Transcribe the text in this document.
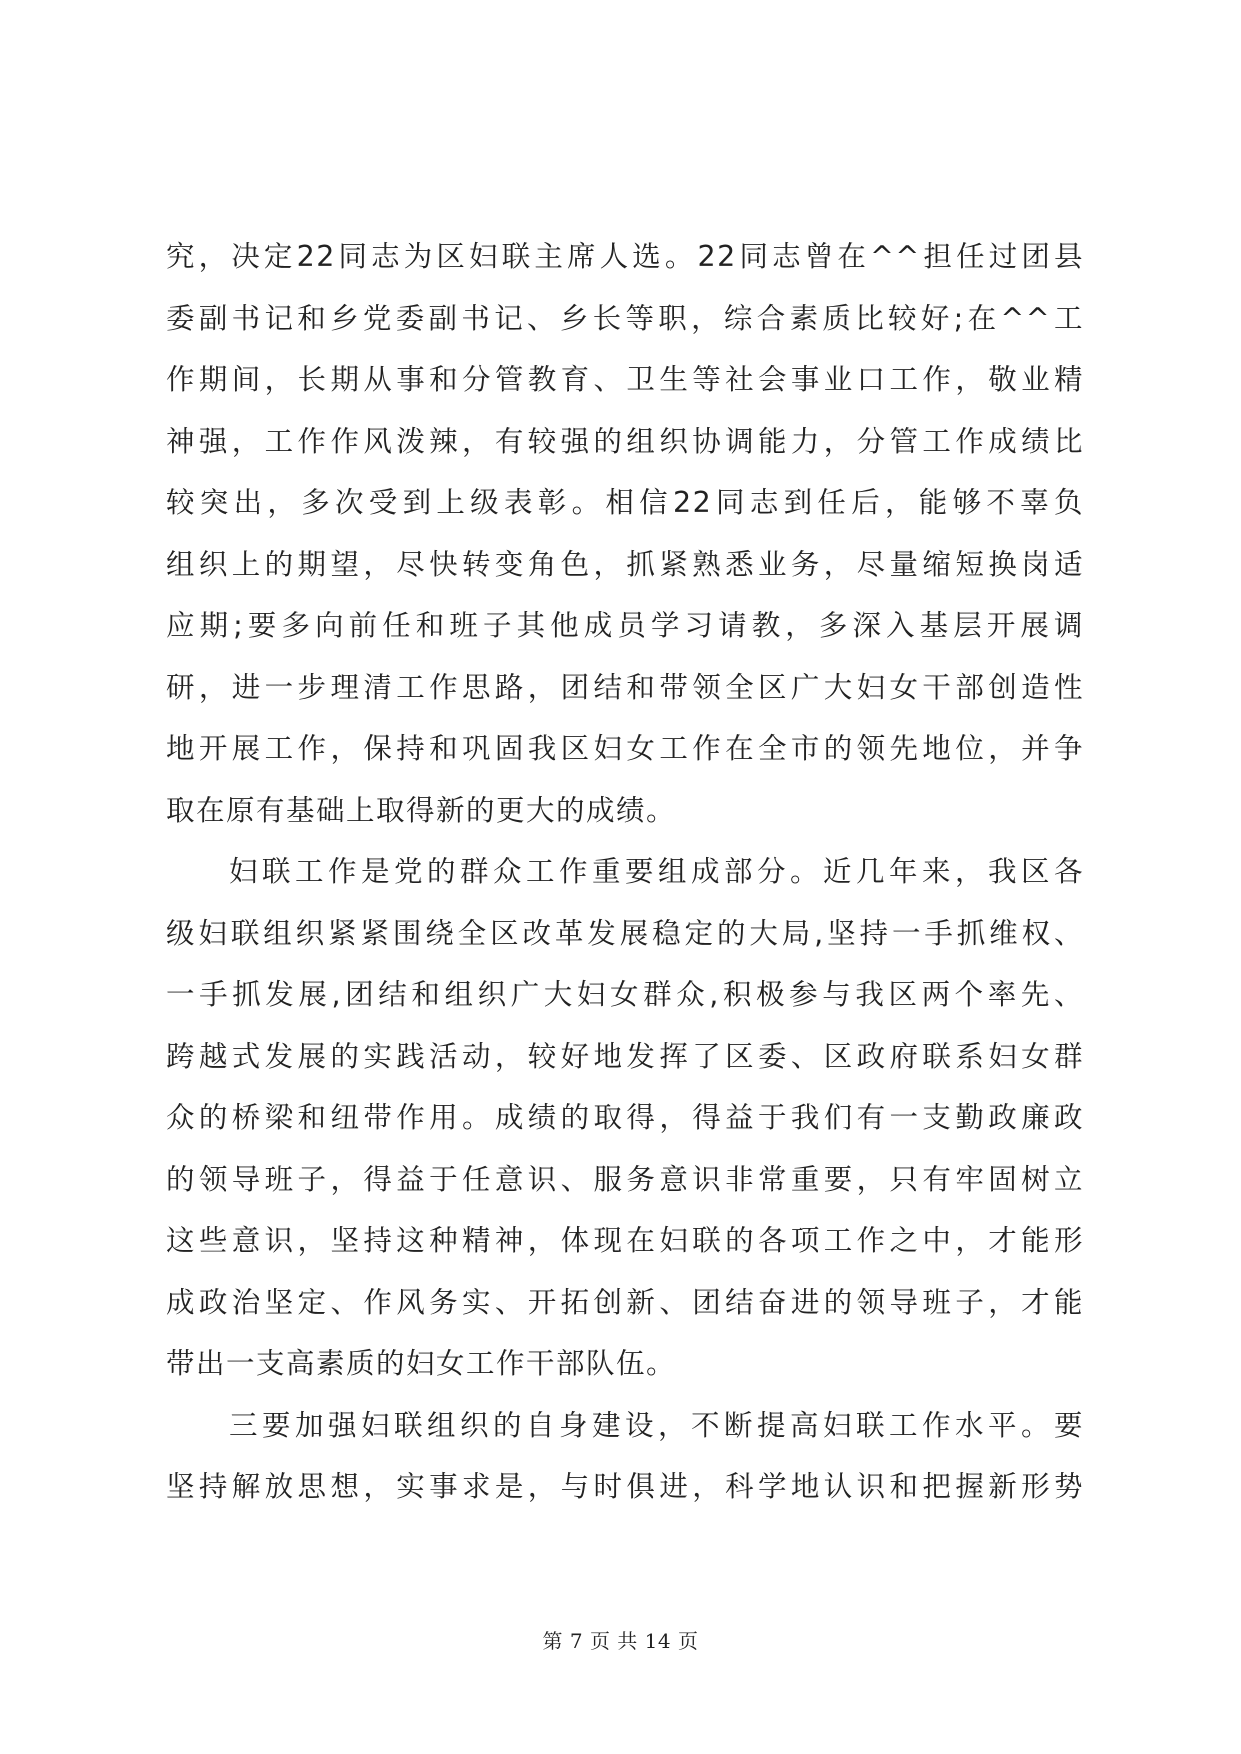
究，决定22同志为区妇联主席人选。22同志曾在^^担任过团县
委副书记和乡党委副书记、乡长等职，综合素质比较好;在^^工
作期间，长期从事和分管教育、卫生等社会事业口工作，敬业精
神强，工作作风泼辣，有较强的组织协调能力，分管工作成绩比
较突出，多次受到上级表彰。相信22同志到任后，能够不辜负
组织上的期望，尽快转变角色，抓紧熟悉业务，尽量缩短换岗适
应期;要多向前任和班子其他成员学习请教，多深入基层开展调
研，进一步理清工作思路，团结和带领全区广大妇女干部创造性
地开展工作，保持和巩固我区妇女工作在全市的领先地位，并争
取在原有基础上取得新的更大的成绩。
妇联工作是党的群众工作重要组成部分。近几年来，我区各
级妇联组织紧紧围绕全区改革发展稳定的大局,坚持一手抓维权、
一手抓发展,团结和组织广大妇女群众,积极参与我区两个率先、
跨越式发展的实践活动，较好地发挥了区委、区政府联系妇女群
众的桥梁和纽带作用。成绩的取得，得益于我们有一支勤政廉政
的领导班子，得益于任意识、服务意识非常重要，只有牢固树立
这些意识，坚持这种精神，体现在妇联的各项工作之中，才能形
成政治坚定、作风务实、开拓创新、团结奋进的领导班子，才能
带出一支高素质的妇女工作干部队伍。
三要加强妇联组织的自身建设，不断提高妇联工作水平。要
坚持解放思想，实事求是，与时俱进，科学地认识和把握新形势
第 7 页 共 14 页
